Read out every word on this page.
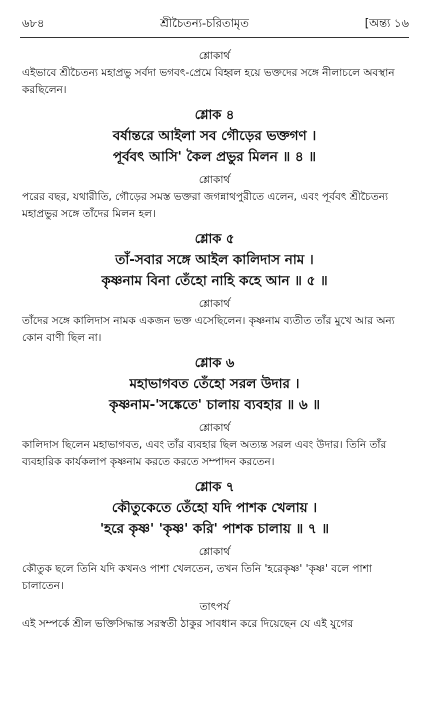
৬৮৪	শ্রীচৈতন্য-চরিতামৃত	[অন্ত্য ১৬
শ্লোকার্থ
এইভাবে শ্রীচৈতন্য মহাপ্রভু সর্বদা ভগবৎ-প্রেমে বিহ্বল হয়ে ভক্তদের সঙ্গে নীলাচলে অবস্থান করছিলেন।
শ্লোক ৪
বর্ষান্তরে আইলা সব গৌড়ের ভক্তগণ ।
পূর্ববৎ আসি' কৈল প্রভুর মিলন ॥ ৪ ॥
শ্লোকার্থ
পরের বছর, যথারীতি, গৌড়ের সমস্ত ভক্তরা জগন্নাথপুরীতে এলেন, এবং পূর্ববৎ শ্রীচৈতন্য মহাপ্রভুর সঙ্গে তাঁদের মিলন হল।
শ্লোক ৫
তাঁ-সবার সঙ্গে আইল কালিদাস নাম ।
কৃষ্ণনাম বিনা তেঁহো নাহি কহে আন ॥ ৫ ॥
শ্লোকার্থ
তাঁদের সঙ্গে কালিদাস নামক একজন ভক্ত এসেছিলেন। কৃষ্ণনাম ব্যতীত তাঁর মুখে আর অন্য কোন বাণী ছিল না।
শ্লোক ৬
মহাভাগবত তেঁহো সরল উদার ।
কৃষ্ণনাম-'সঙ্কেতে' চালায় ব্যবহার ॥ ৬ ॥
শ্লোকার্থ
কালিদাস ছিলেন মহাভাগবত, এবং তাঁর ব্যবহার ছিল অত্যন্ত সরল এবং উদার। তিনি তাঁর ব্যবহারিক কার্যকলাপ কৃষ্ণনাম করতে করতে সম্পাদন করতেন।
শ্লোক ৭
কৌতুকেতে তেঁহো যদি পাশক খেলায় ।
'হরে কৃষ্ণ' 'কৃষ্ণ' করি' পাশক চালায় ॥ ৭ ॥
শ্লোকার্থ
কৌতুক ছলে তিনি যদি কখনও পাশা খেলতেন, তখন তিনি 'হরেকৃষ্ণ' 'কৃষ্ণ' বলে পাশা চালাতেন।
তাৎপর্য
এই সম্পর্কে শ্রীল ভক্তিসিদ্ধান্ত সরস্বতী ঠাকুর সাবধান করে দিয়েছেন যে এই যুগের
